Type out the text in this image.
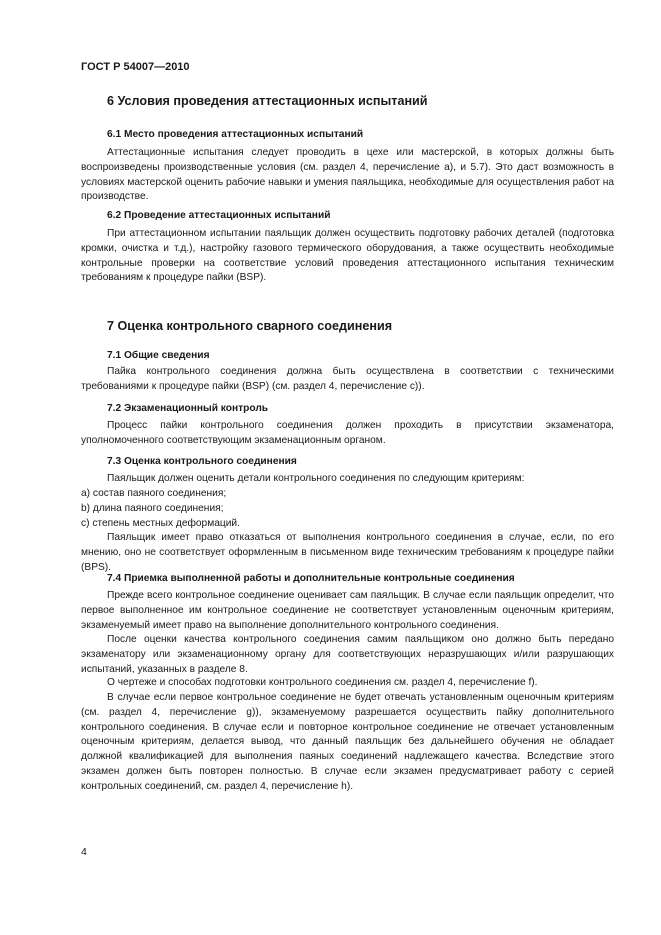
ГОСТ Р 54007—2010
6 Условия проведения аттестационных испытаний
6.1 Место проведения аттестационных испытаний

Аттестационные испытания следует проводить в цехе или мастерской, в которых должны быть воспроизведены производственные условия (см. раздел 4, перечисление а), и 5.7). Это даст возможность в условиях мастерской оценить рабочие навыки и умения паяльщика, необходимые для осуществления работ на производстве.

6.2 Проведение аттестационных испытаний

При аттестационном испытании паяльщик должен осуществить подготовку рабочих деталей (подготовка кромки, очистка и т.д.), настройку газового термического оборудования, а также осуществить необходимые контрольные проверки на соответствие условий проведения аттестационного испытания техническим требованиям к процедуре пайки (BSP).

7 Оценка контрольного сварного соединения
7.1 Общие сведения

Пайка контрольного соединения должна быть осуществлена в соответствии с техническими требованиями к процедуре пайки (BSP) (см. раздел 4, перечисление с)).

7.2 Экзаменационный контроль

Процесс пайки контрольного соединения должен проходить в присутствии экзаменатора, уполномоченного соответствующим экзаменационным органом.

7.3 Оценка контрольного соединения

Паяльщик должен оценить детали контрольного соединения по следующим критериям:

а) состав паяного соединения;
b) длина паяного соединения;
с) степень местных деформаций.

Паяльщик имеет право отказаться от выполнения контрольного соединения в случае, если, по его мнению, оно не соответствует оформленным в письменном виде техническим требованиям к процедуре пайки (BPS).

7.4 Приемка выполненной работы и дополнительные контрольные соединения

Прежде всего контрольное соединение оценивает сам паяльщик. В случае если паяльщик определит, что первое выполненное им контрольное соединение не соответствует установленным оценочным критериям, экзаменуемый имеет право на выполнение дополнительного контрольного соединения.

После оценки качества контрольного соединения самим паяльщиком оно должно быть передано экзаменатору или экзаменационному органу для соответствующих неразрушающих и/или разрушающих испытаний, указанных в разделе 8.

О чертеже и способах подготовки контрольного соединения см. раздел 4, перечисление f).

В случае если первое контрольное соединение не будет отвечать установленным оценочным критериям (см. раздел 4, перечисление g)), экзаменуемому разрешается осуществить пайку дополнительного контрольного соединения. В случае если и повторное контрольное соединение не отвечает установленным оценочным критериям, делается вывод, что данный паяльщик без дальнейшего обучения не обладает должной квалификацией для выполнения паяных соединений надлежащего качества. Вследствие этого экзамен должен быть повторен полностью. В случае если экзамен предусматривает работу с серией контрольных соединений, см. раздел 4, перечисление h).

4
